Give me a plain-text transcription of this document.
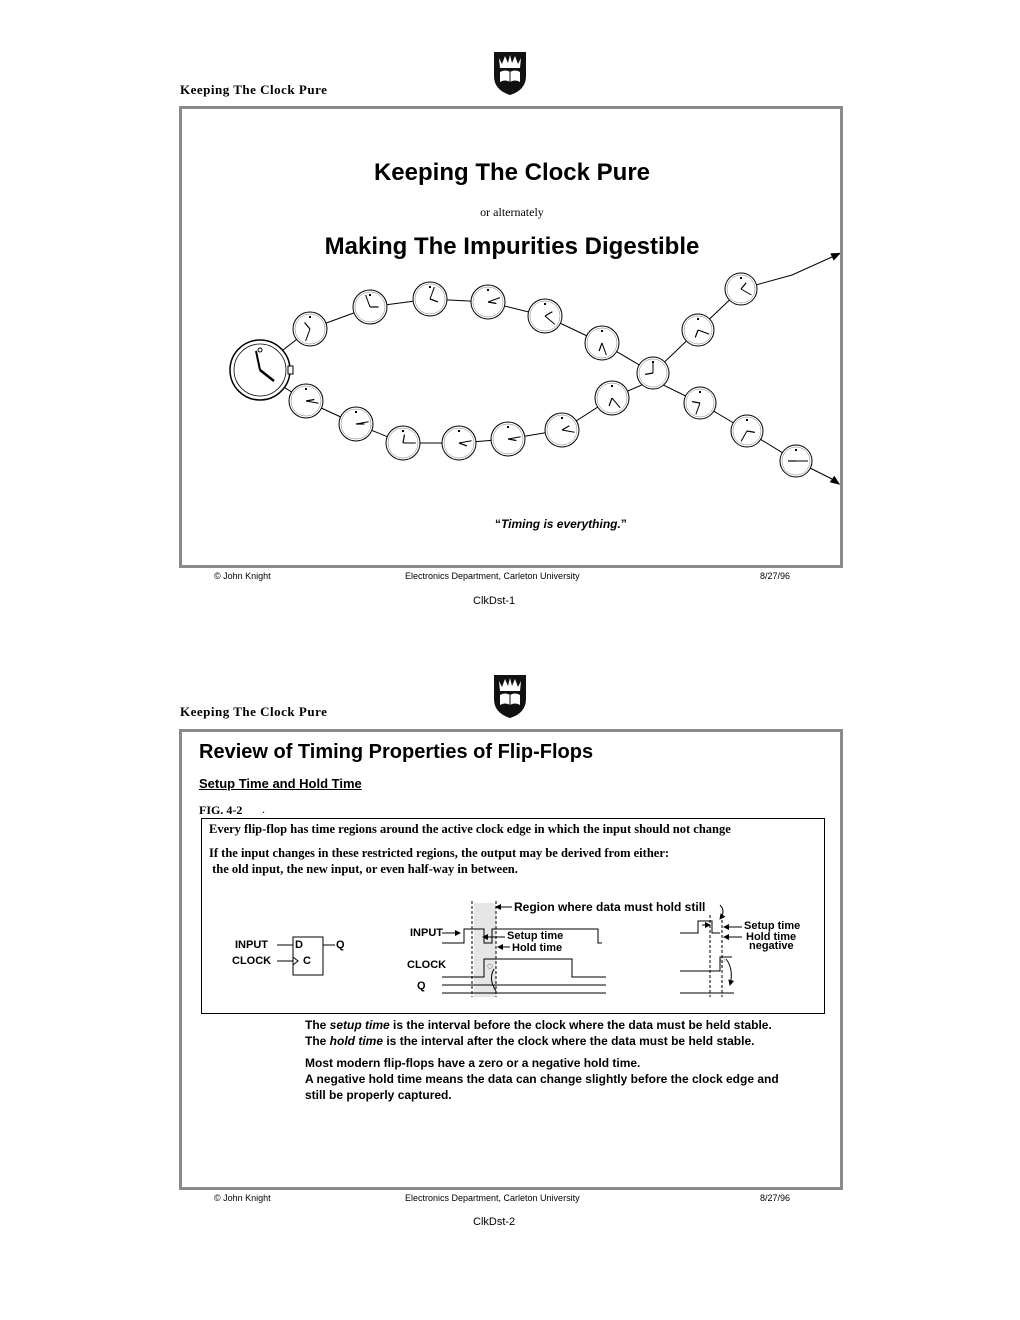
Keeping The Clock Pure
Keeping The Clock Pure
or alternately
Making The Impurities Digestible
“Timing is everything.”
© John Knight	Electronics Department, Carleton University	8/27/96
ClkDst-1
Keeping The Clock Pure
Review of Timing Properties of Flip-Flops
Setup Time and Hold Time
FIG. 4-2 .
Every flip-flop has time regions around the active clock edge in which the input should not change
If the input changes in these restricted regions, the output may be derived from either:
the old input, the new input, or even half-way in between.
INPUT D	Q
CLOCK	C
Region where data must hold still
INPUT	Setup time
Hold time
CLOCK	◌
Q
Setup time
Hold time
negative
◌
The setup time is the interval before the clock where the data must be held stable.
The hold time is the interval after the clock where the data must be held stable.
Most modern flip-flops have a zero or a negative hold time.
A negative hold time means the data can change slightly before the clock edge and
still be properly captured.
© John Knight	Electronics Department, Carleton University	8/27/96
ClkDst-2
